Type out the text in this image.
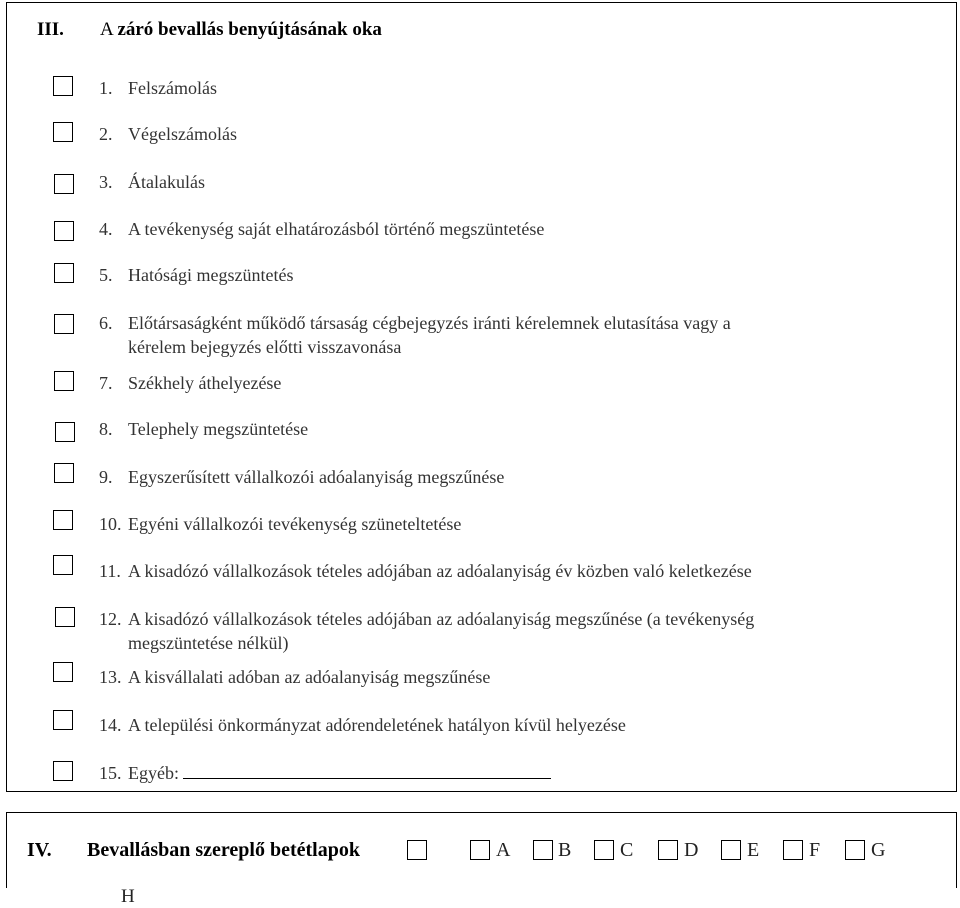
III. A záró bevallás benyújtásának oka
1. Felszámolás
2. Végelszámolás
3. Átalakulás
4. A tevékenység saját elhatározásból történő megszüntetése
5. Hatósági megszüntetés
6. Előtársaságként működő társaság cégbejegyzés iránti kérelemnek elutasítása vagy a
kérelem bejegyzés előtti visszavonása
7. Székhely áthelyezése
8. Telephely megszüntetése
9. Egyszerűsített vállalkozói adóalanyiság megszűnése
10. Egyéni vállalkozói tevékenység szüneteltetése
11. A kisadózó vállalkozások tételes adójában az adóalanyiság év közben való keletkezése
12. A kisadózó vállalkozások tételes adójában az adóalanyiság megszűnése (a tevékenység
megszüntetése nélkül)
13. A kisvállalati adóban az adóalanyiság megszűnése
14. A települési önkormányzat adórendeletének hatályon kívül helyezése
15. Egyéb:
IV. Bevallásban szereplő betétlapok	A B C	D E F	G
H
